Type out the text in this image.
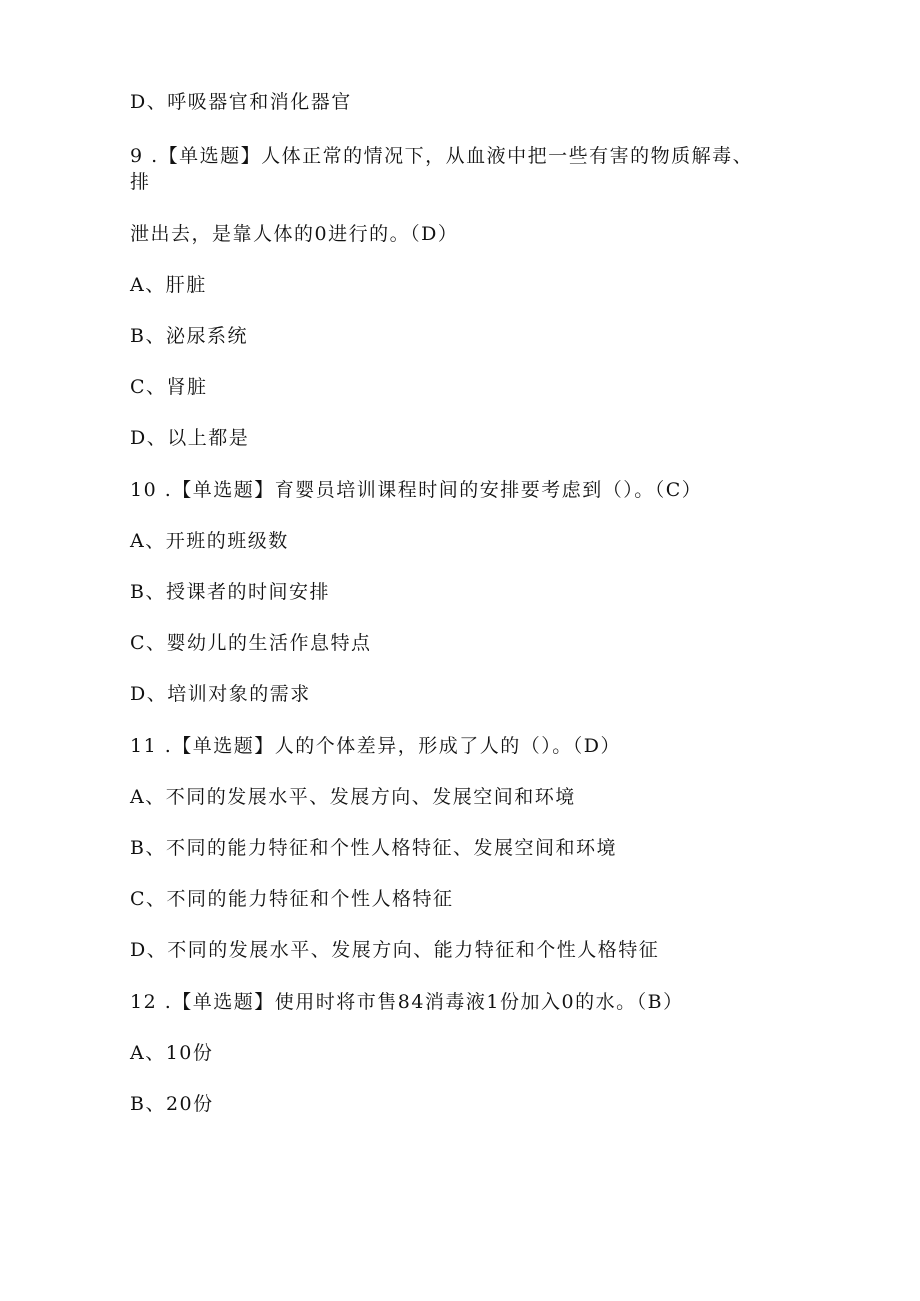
D、呼吸器官和消化器官
9 .【单选题】人体正常的情况下，从血液中把一些有害的物质解毒、
排
泄出去，是靠人体的0进行的。（D）
A、肝脏
B、泌尿系统
C、肾脏
D、以上都是
10 .【单选题】育婴员培训课程时间的安排要考虑到（）。（C）
A、开班的班级数
B、授课者的时间安排
C、婴幼儿的生活作息特点
D、培训对象的需求
11 .【单选题】人的个体差异，形成了人的（）。（D）
A、不同的发展水平、发展方向、发展空间和环境
B、不同的能力特征和个性人格特征、发展空间和环境
C、不同的能力特征和个性人格特征
D、不同的发展水平、发展方向、能力特征和个性人格特征
12 .【单选题】使用时将市售84消毒液1份加入0的水。（B）
A、10份
B、20份
